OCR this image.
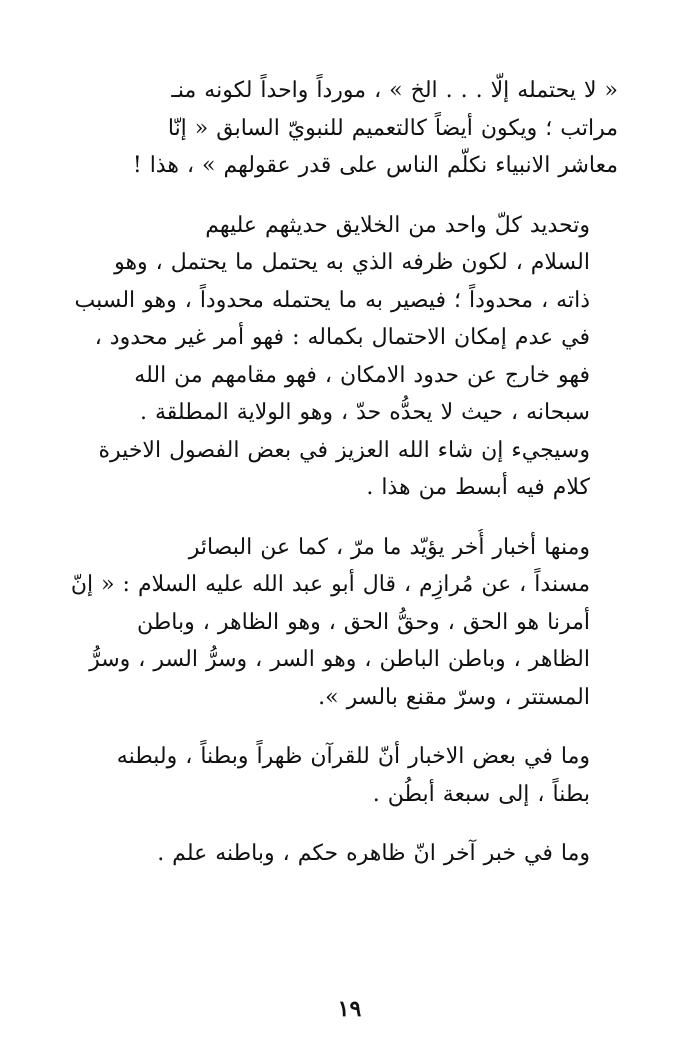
« لا يحتمله إلّا . . . الخ » ، مورداً واحداً لكونه منـ
مراتب ؛ ويكون أيضاً كالتعميم للنبويّ السابق « إنّا
معاشر الانبياء نكلّم الناس على قدر عقولهم » ، هذا !

وتحديد كلّ واحد من الخلايق حديثهم عليهم
السلام ، لكون ظرفه الذي به يحتمل ما يحتمل ، وهو
ذاته ، محدوداً ؛ فيصير به ما يحتمله محدوداً ، وهو السبب
في عدم إمكان الاحتمال بكماله : فهو أمر غير محدود ،
فهو خارج عن حدود الامكان ، فهو مقامهم من الله
سبحانه ، حيث لا يحدُّه حدّ ، وهو الولاية المطلقة .
وسيجيء إن شاء الله العزيز في بعض الفصول الاخيرة
كلام فيه أبسط من هذا .

ومنها أخبار أُخر يؤيّد ما مرّ ، كما عن البصائر
مسنداً ، عن مُرازِم ، قال أبو عبد الله عليه السلام : « إنّ
أمرنا هو الحق ، وحقُّ الحق ، وهو الظاهر ، وباطن
الظاهر ، وباطن الباطن ، وهو السر ، وسرُّ السر ، وسرُّ
المستتر ، وسرّ مقنع بالسر ».

وما في بعض الاخبار أنّ للقرآن ظهراً وبطناً ، ولبطنه
بطناً ، إلى سبعة أبطُن .

وما في خبر آخر انّ ظاهره حكم ، وباطنه علم .

١٩
